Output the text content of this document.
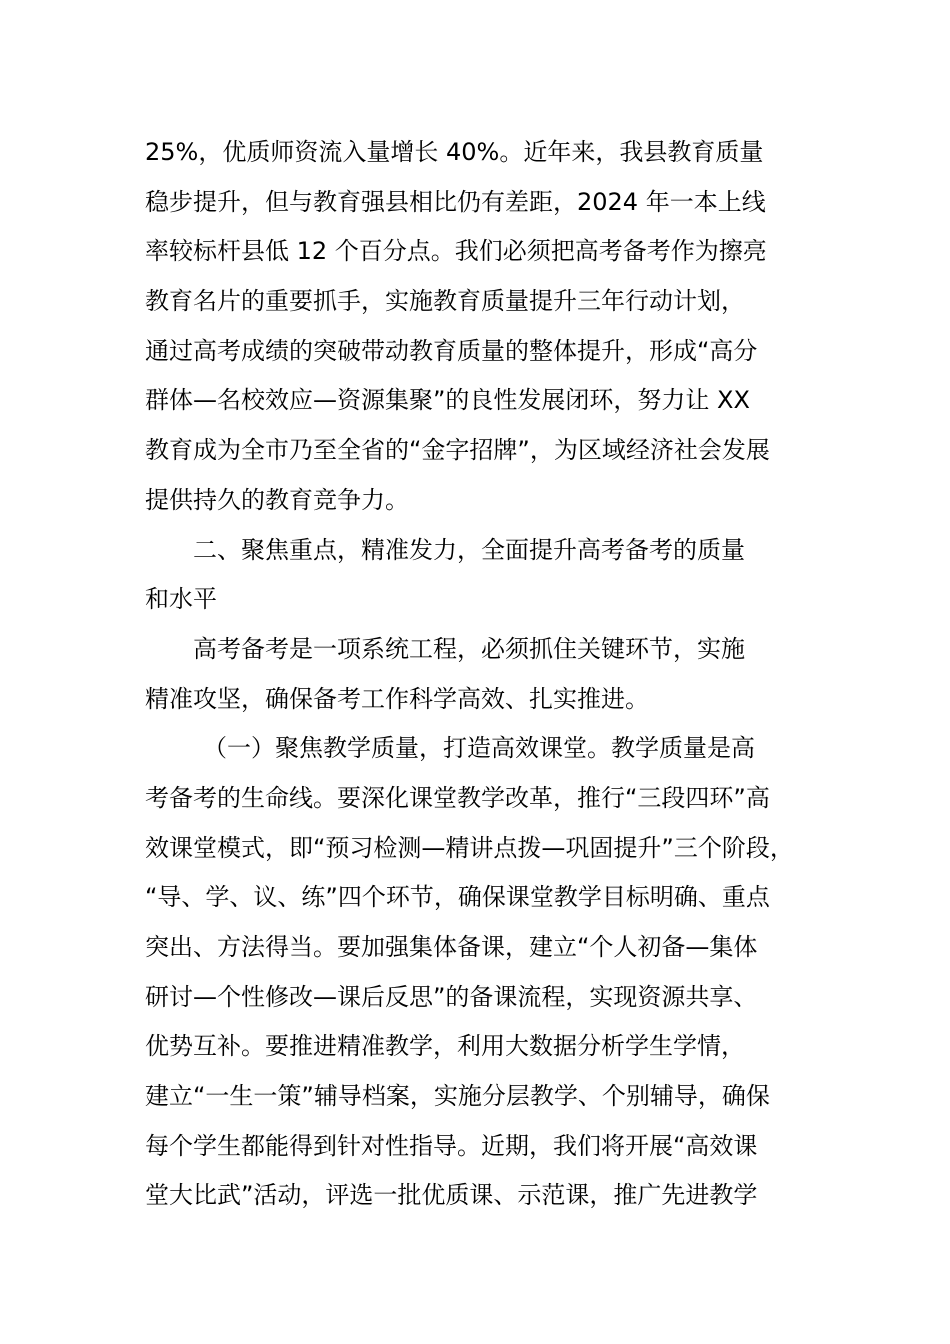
25%，优质师资流入量增长 40%。近年来，我县教育质量
稳步提升，但与教育强县相比仍有差距，2024 年一本上线
率较标杆县低 12 个百分点。我们必须把高考备考作为擦亮
教育名片的重要抓手，实施教育质量提升三年行动计划，
通过高考成绩的突破带动教育质量的整体提升，形成“高分
群体—名校效应—资源集聚”的良性发展闭环，努力让 XX
教育成为全市乃至全省的“金字招牌”，为区域经济社会发展
提供持久的教育竞争力。
二、聚焦重点，精准发力，全面提升高考备考的质量
和水平
高考备考是一项系统工程，必须抓住关键环节，实施
精准攻坚，确保备考工作科学高效、扎实推进。
（一）聚焦教学质量，打造高效课堂。教学质量是高
考备考的生命线。要深化课堂教学改革，推行“三段四环”高
效课堂模式，即“预习检测—精讲点拨—巩固提升”三个阶段，
“导、学、议、练”四个环节，确保课堂教学目标明确、重点
突出、方法得当。要加强集体备课，建立“个人初备—集体
研讨—个性修改—课后反思”的备课流程，实现资源共享、
优势互补。要推进精准教学，利用大数据分析学生学情，
建立“一生一策”辅导档案，实施分层教学、个别辅导，确保
每个学生都能得到针对性指导。近期，我们将开展“高效课
堂大比武”活动，评选一批优质课、示范课，推广先进教学
